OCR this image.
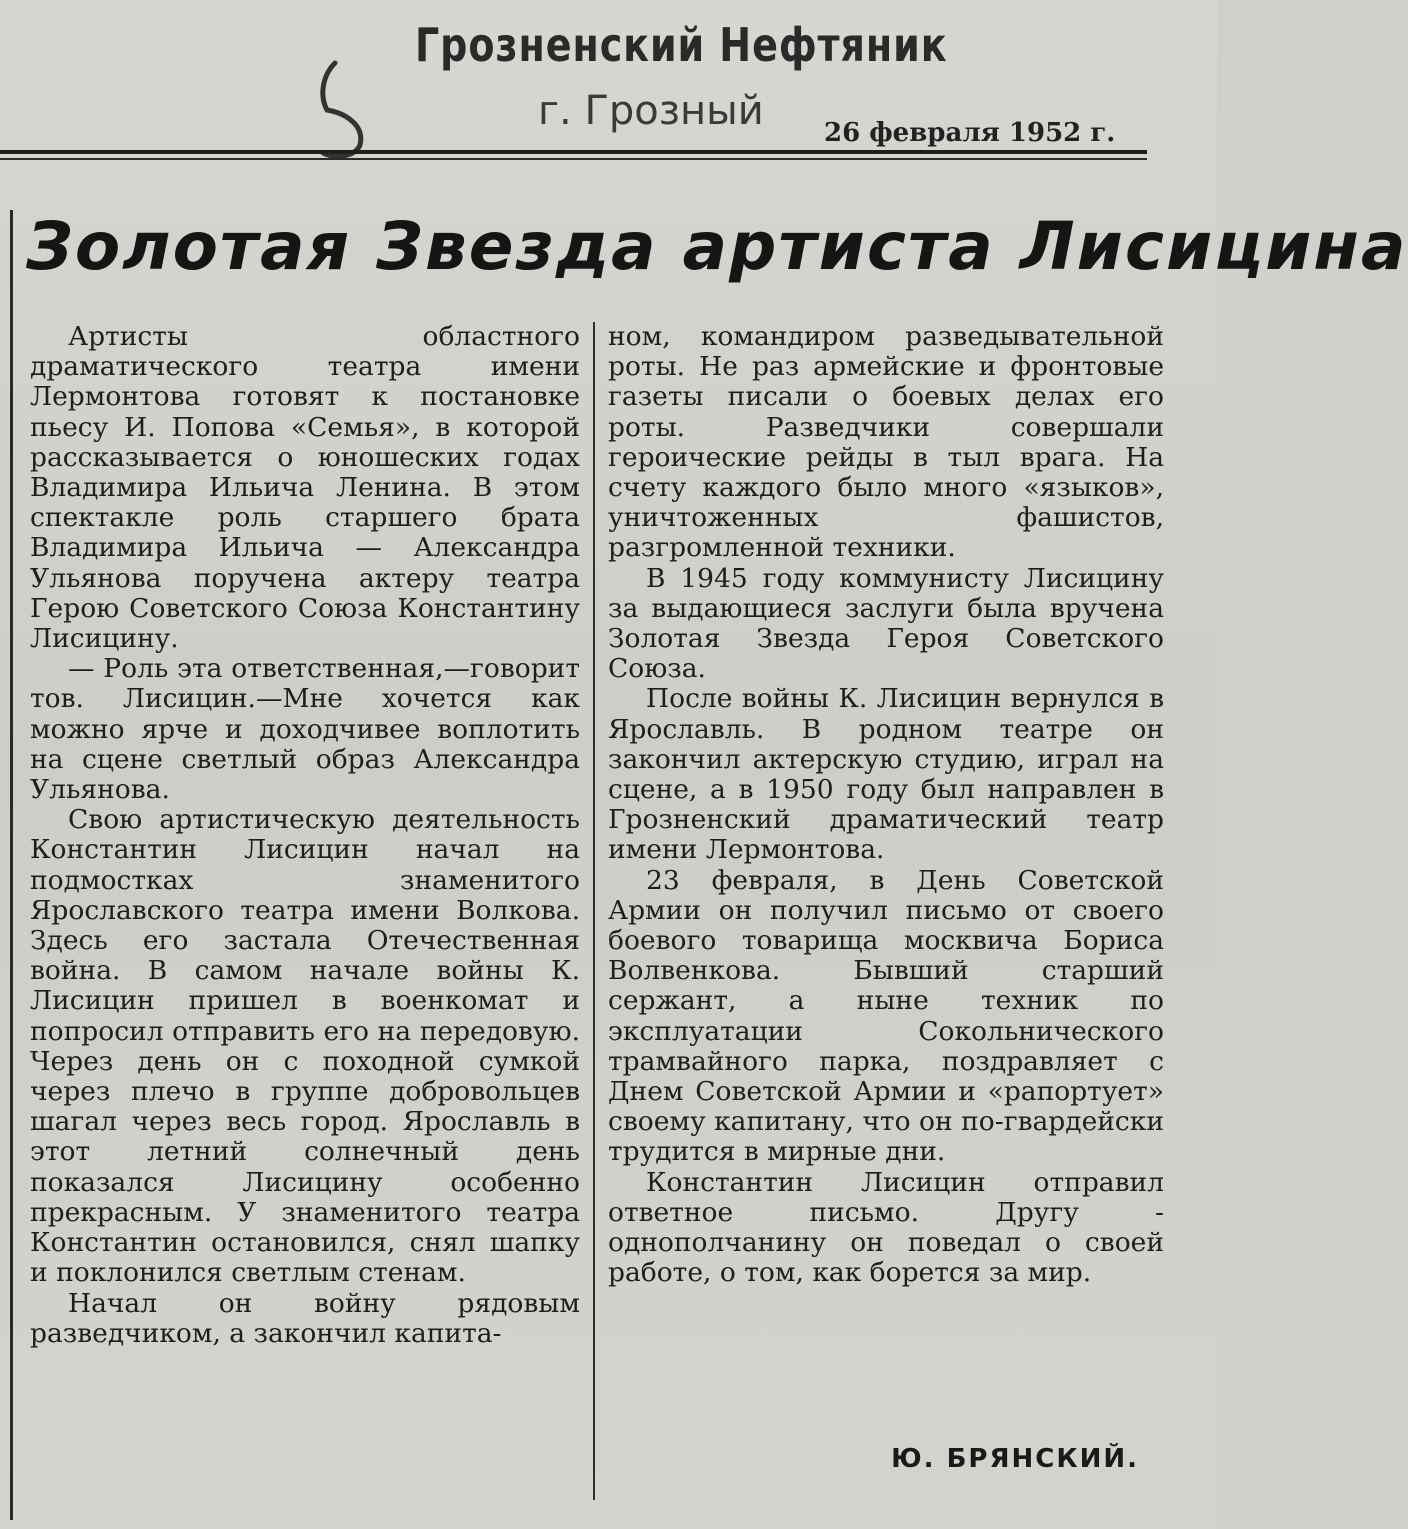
Грозненский Нефтяник
г. Грозный 26 февраля 1952 г.
Золотая Звезда артиста Лисицина

Артисты областного драматического театра имени Лермонтова готовят к постановке пьесу И. Попова «Семья», в которой рассказывается о юношеских годах Владимира Ильича Ленина. В этом спектакле роль старшего брата Владимира Ильича — Александра Ульянова поручена актеру театра Герою Советского Союза Константину Лисицину.

— Роль эта ответственная,—говорит тов. Лисицин.—Мне хочется как можно ярче и доходчивее воплотить на сцене светлый образ Александра Ульянова.

Свою артистическую деятельность Константин Лисицин начал на подмостках знаменитого Ярославского театра имени Волкова. Здесь его застала Отечественная война. В самом начале войны К. Лисицин пришел в военкомат и попросил отправить его на передовую. Через день он с походной сумкой через плечо в группе добровольцев шагал через весь город. Ярославль в этот летний солнечный день показался Лисицину особенно прекрасным. У знаменитого театра Константин остановился, снял шапку и поклонился светлым стенам.

Начал он войну рядовым разведчиком, а закончил капита-

ном, командиром разведывательной роты. Не раз армейские и фронтовые газеты писали о боевых делах его роты. Разведчики совершали героические рейды в тыл врага. На счету каждого было много «языков», уничтоженных фашистов, разгромленной техники.

В 1945 году коммунисту Лисицину за выдающиеся заслуги была вручена Золотая Звезда Героя Советского Союза.

После войны К. Лисицин вернулся в Ярославль. В родном театре он закончил актерскую студию, играл на сцене, а в 1950 году был направлен в Грозненский драматический театр имени Лермонтова.

23 февраля, в День Советской Армии он получил письмо от своего боевого товарища москвича Бориса Волвенкова. Бывший старший сержант, а ныне техник по эксплуатации Сокольнического трамвайного парка, поздравляет с Днем Советской Армии и «рапортует» своему капитану, что он по-гвардейски трудится в мирные дни.

Константин Лисицин отправил ответное письмо. Другу - однополчанину он поведал о своей работе, о том, как борется за мир.

Ю. БРЯНСКИЙ.
